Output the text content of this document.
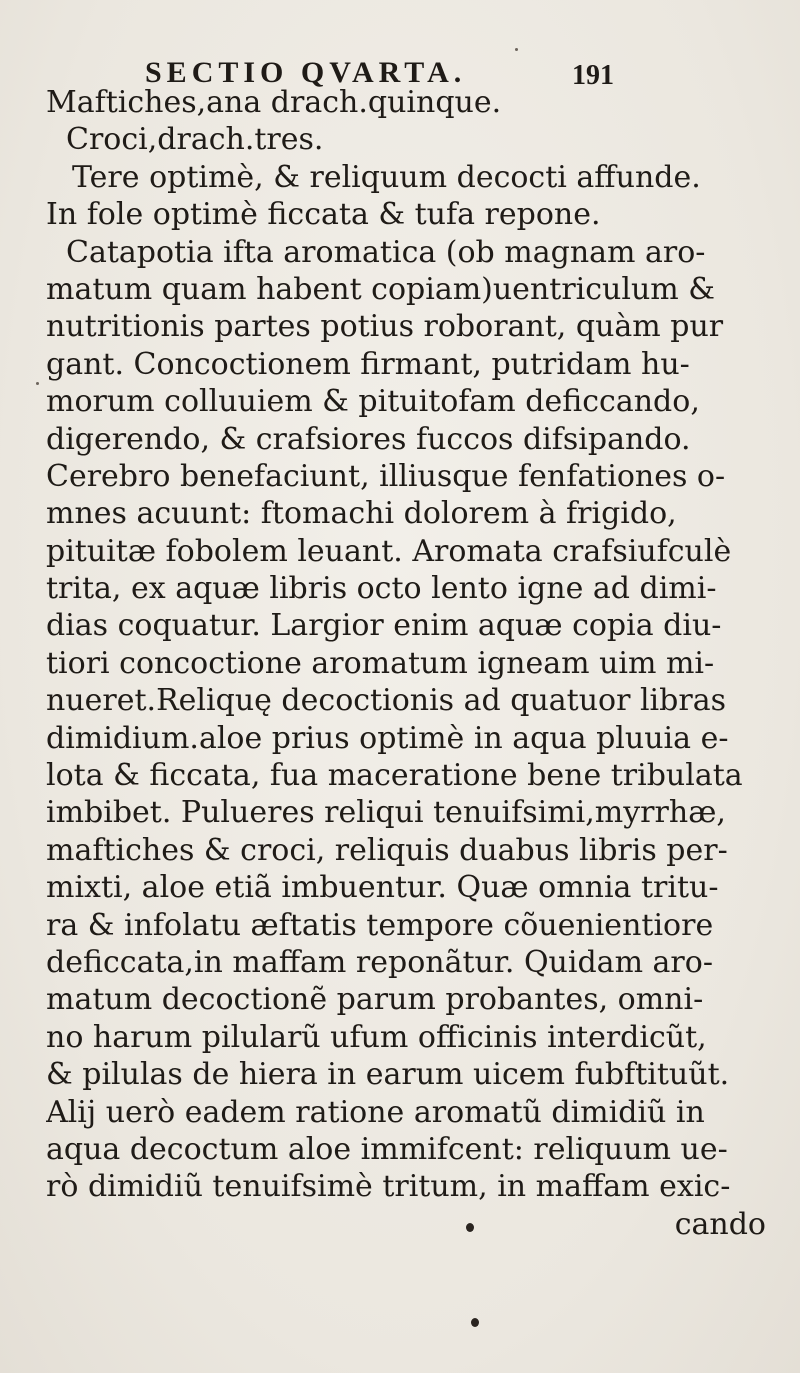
SECTIO QVARTA.	191
Maftiches,ana drach.quinque.
Croci,drach.tres.
Tere optimè, & reliquum decocti affunde.
In fole optimè ficcata & tufa repone.
Catapotia ifta aromatica (ob magnam aro-
matum quam habent copiam)uentriculum &
nutritionis partes potius roborant, quàm pur
gant. Concoctionem firmant, putridam hu-
morum colluuiem & pituitofam deficcando,
digerendo, & crafsiores fuccos difsipando.
Cerebro benefaciunt, illiusque fenfationes o-
mnes acuunt: ftomachi dolorem à frigido,
pituitæ fobolem leuant. Aromata crafsiufculè
trita, ex aquæ libris octo lento igne ad dimi-
dias coquatur. Largior enim aquæ copia diu-
tiori concoctione aromatum igneam uim mi-
nueret.Reliquę decoctionis ad quatuor libras
dimidium.aloe prius optimè in aqua pluuia e-
lota & ficcata, fua maceratione bene tribulata
imbibet. Pulueres reliqui tenuifsimi,myrrhæ,
maftiches & croci, reliquis duabus libris per-
mixti, aloe etiã imbuentur. Quæ omnia tritu-
ra & infolatu æftatis tempore cõuenientiore
deficcata,in maffam reponãtur. Quidam aro-
matum decoctionẽ parum probantes, omni-
no harum pilularũ ufum officinis interdicũt,
& pilulas de hiera in earum uicem fubftituũt.
Alij uerò eadem ratione aromatũ dimidiũ in
aqua decoctum aloe immifcent: reliquum ue-
rò dimidiũ tenuifsimè tritum, in maffam exic-
cando
